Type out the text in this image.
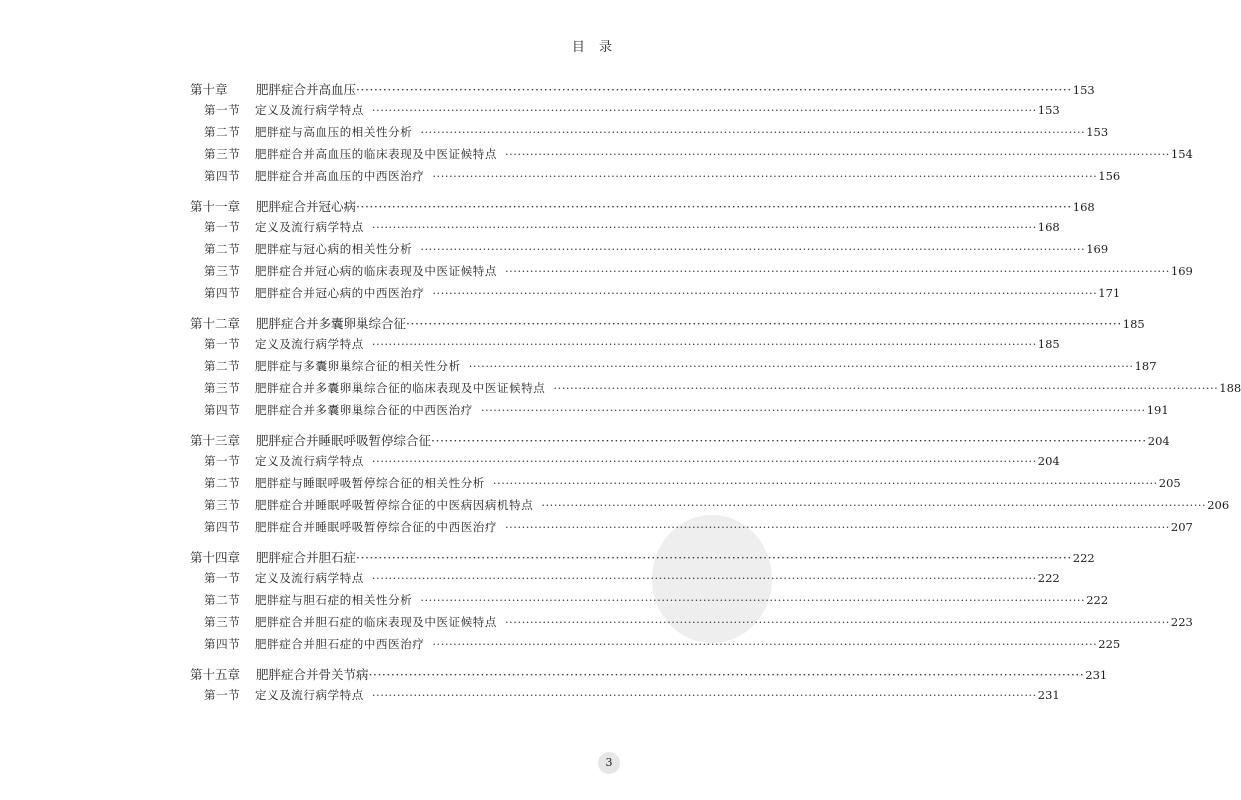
目 录
第十章	肥胖症合并高血压 ································································································································································ 153
第一节	定义及流行病学特点 ································································································································································ 153
第二节	肥胖症与高血压的相关性分析 ································································································································································ 153
第三节	肥胖症合并高血压的临床表现及中医证候特点 ································································································································································ 154
第四节	肥胖症合并高血压的中西医治疗 ································································································································································ 156
第十一章	肥胖症合并冠心病 ································································································································································ 168
第一节	定义及流行病学特点 ································································································································································ 168
第二节	肥胖症与冠心病的相关性分析 ································································································································································ 169
第三节	肥胖症合并冠心病的临床表现及中医证候特点 ································································································································································ 169
第四节	肥胖症合并冠心病的中西医治疗 ································································································································································ 171
第十二章	肥胖症合并多囊卵巢综合征 ································································································································································ 185
第一节	定义及流行病学特点 ································································································································································ 185
第二节	肥胖症与多囊卵巢综合征的相关性分析 ································································································································································ 187
第三节	肥胖症合并多囊卵巢综合征的临床表现及中医证候特点 ································································································································································ 188
第四节	肥胖症合并多囊卵巢综合征的中西医治疗 ································································································································································ 191
第十三章	肥胖症合并睡眠呼吸暂停综合征 ································································································································································ 204
第一节	定义及流行病学特点 ································································································································································ 204
第二节	肥胖症与睡眠呼吸暂停综合征的相关性分析 ································································································································································ 205
第三节	肥胖症合并睡眠呼吸暂停综合征的中医病因病机特点 ································································································································································ 206
第四节	肥胖症合并睡眠呼吸暂停综合征的中西医治疗 ································································································································································ 207
第十四章	肥胖症合并胆石症 ································································································································································ 222
第一节	定义及流行病学特点 ································································································································································ 222
第二节	肥胖症与胆石症的相关性分析 ································································································································································ 222
第三节	肥胖症合并胆石症的临床表现及中医证候特点 ································································································································································ 223
第四节	肥胖症合并胆石症的中西医治疗 ································································································································································ 225
第十五章	肥胖症合并骨关节病 ································································································································································ 231
第一节	定义及流行病学特点 ································································································································································ 231
3
